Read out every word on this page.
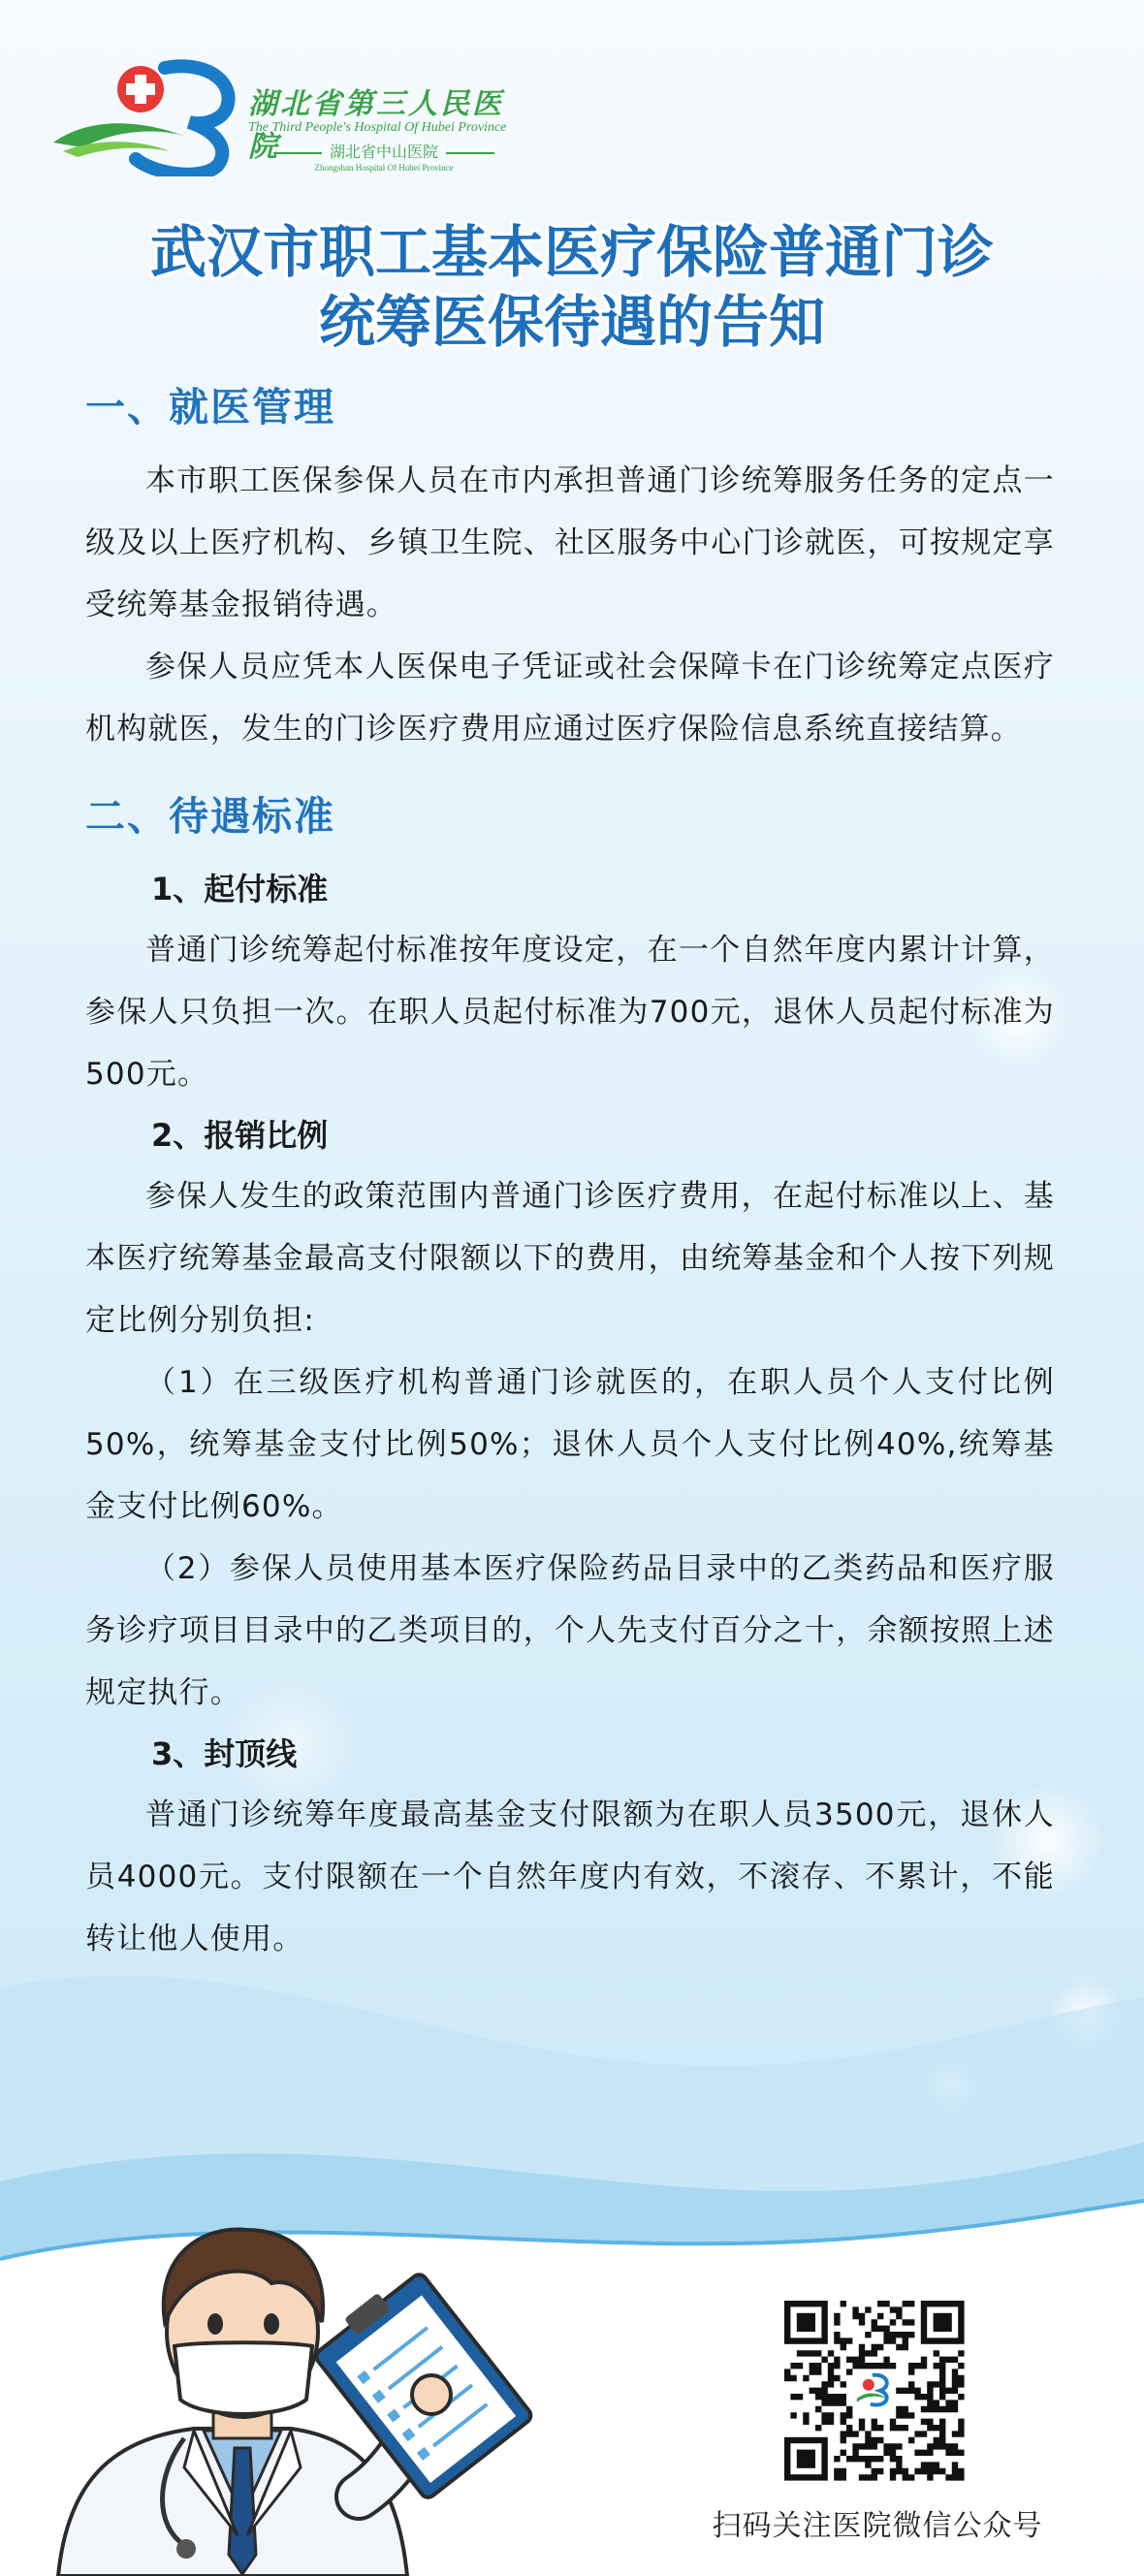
湖北省第三人民医院
The Third People's Hospital Of Hubei Province
湖北省中山医院
Zhongshan Hospital Of Hubei Province
武汉市职工基本医疗保险普通门诊
统筹医保待遇的告知
一、就医管理

本市职工医保参保人员在市内承担普通门诊统筹服务任务的定点一级及以上医疗机构、乡镇卫生院、社区服务中心门诊就医，可按规定享受统筹基金报销待遇。

参保人员应凭本人医保电子凭证或社会保障卡在门诊统筹定点医疗机构就医，发生的门诊医疗费用应通过医疗保险信息系统直接结算。

二、待遇标准
1、起付标准

普通门诊统筹起付标准按年度设定，在一个自然年度内累计计算，参保人只负担一次。在职人员起付标准为700元，退休人员起付标准为500元。

2、报销比例

参保人发生的政策范围内普通门诊医疗费用，在起付标准以上、基本医疗统筹基金最高支付限额以下的费用，由统筹基金和个人按下列规定比例分别负担:

（1）在三级医疗机构普通门诊就医的，在职人员个人支付比例50%，统筹基金支付比例50%；退休人员个人支付比例40%,统筹基金支付比例60%。

（2）参保人员使用基本医疗保险药品目录中的乙类药品和医疗服务诊疗项目目录中的乙类项目的，个人先支付百分之十，余额按照上述规定执行。

3、封顶线

普通门诊统筹年度最高基金支付限额为在职人员3500元，退休人员4000元。支付限额在一个自然年度内有效，不滚存、不累计，不能转让他人使用。

扫码关注医院微信公众号
